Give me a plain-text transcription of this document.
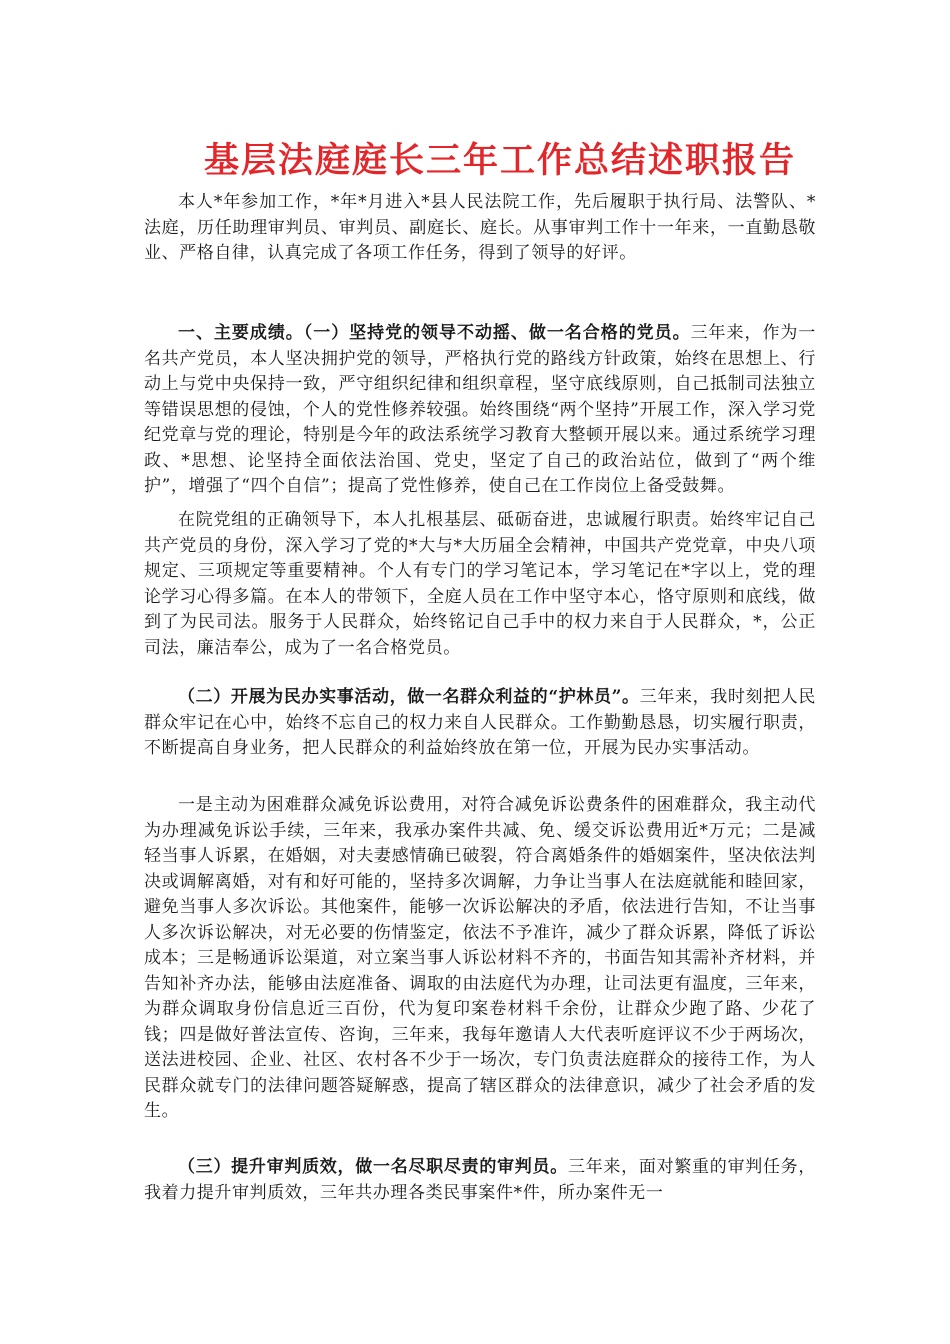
基层法庭庭长三年工作总结述职报告

本人*年参加工作，*年*月进入*县人民法院工作，先后履职于执行局、法警队、*法庭，历任助理审判员、审判员、副庭长、庭长。从事审判工作十一年来，一直勤恳敬业、严格自律，认真完成了各项工作任务，得到了领导的好评。

一、主要成绩。（一）坚持党的领导不动摇、做一名合格的党员。三年来，作为一名共产党员，本人坚决拥护党的领导，严格执行党的路线方针政策，始终在思想上、行动上与党中央保持一致，严守组织纪律和组织章程，坚守底线原则，自己抵制司法独立等错误思想的侵蚀，个人的党性修养较强。始终围绕“两个坚持”开展工作，深入学习党纪党章与党的理论，特别是今年的政法系统学习教育大整顿开展以来。通过系统学习理政、*思想、论坚持全面依法治国、党史，坚定了自己的政治站位，做到了“两个维护”，增强了“四个自信”；提高了党性修养，使自己在工作岗位上备受鼓舞。

在院党组的正确领导下，本人扎根基层、砥砺奋进，忠诚履行职责。始终牢记自己共产党员的身份，深入学习了党的*大与*大历届全会精神，中国共产党党章，中央八项规定、三项规定等重要精神。个人有专门的学习笔记本，学习笔记在*字以上，党的理论学习心得多篇。在本人的带领下，全庭人员在工作中坚守本心，恪守原则和底线，做到了为民司法。服务于人民群众，始终铭记自己手中的权力来自于人民群众，*，公正司法，廉洁奉公，成为了一名合格党员。

（二）开展为民办实事活动，做一名群众利益的“护林员”。三年来，我时刻把人民群众牢记在心中，始终不忘自己的权力来自人民群众。工作勤勤恳恳，切实履行职责，不断提高自身业务，把人民群众的利益始终放在第一位，开展为民办实事活动。

一是主动为困难群众减免诉讼费用，对符合减免诉讼费条件的困难群众，我主动代为办理减免诉讼手续，三年来，我承办案件共减、免、缓交诉讼费用近*万元；二是减轻当事人诉累，在婚姻，对夫妻感情确已破裂，符合离婚条件的婚姻案件，坚决依法判决或调解离婚，对有和好可能的，坚持多次调解，力争让当事人在法庭就能和睦回家，避免当事人多次诉讼。其他案件，能够一次诉讼解决的矛盾，依法进行告知，不让当事人多次诉讼解决，对无必要的伤情鉴定，依法不予准许，减少了群众诉累，降低了诉讼成本；三是畅通诉讼渠道，对立案当事人诉讼材料不齐的，书面告知其需补齐材料，并告知补齐办法，能够由法庭准备、调取的由法庭代为办理，让司法更有温度，三年来，为群众调取身份信息近三百份，代为复印案卷材料千余份，让群众少跑了路、少花了钱；四是做好普法宣传、咨询，三年来，我每年邀请人大代表听庭评议不少于两场次，送法进校园、企业、社区、农村各不少于一场次，专门负责法庭群众的接待工作，为人民群众就专门的法律问题答疑解惑，提高了辖区群众的法律意识，减少了社会矛盾的发生。

（三）提升审判质效，做一名尽职尽责的审判员。三年来，面对繁重的审判任务，我着力提升审判质效，三年共办理各类民事案件*件，所办案件无一
